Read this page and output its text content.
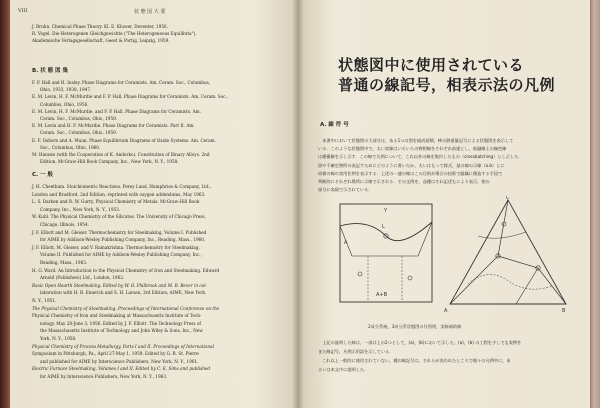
VIII	状 態 図 大 要
J. Bruhn. Chemical Phase Theory. Kl. E. Kluwer, Deventer, 1956.
R. Vogel. Die Heterogenen Gleichgewichte ("The Heterogeneous Equilibria"),
Akademische Verlagsgesellschaft, Geest & Portig, Leipzig, 1959.
B. 状 態 図 集
F. P. Hall and H. Insley. Phase Diagrams for Ceramists. Am. Ceram. Soc., Columbus,
Ohio, 1933, 1938, 1947.
E. M. Levin, H. F. McMurdie and F. P. Hall. Phase Diagrams for Ceramists. Am. Ceram. Soc.,
Columbus, Ohio, 1956.
E. M. Levin, H. F. McMurdie, and F. P. Hall. Phase Diagrams for Ceramists. Am.
Ceram. Soc., Columbus, Ohio, 1959.
E. M. Levin and H. F. McMurdie. Phase Diagrams for Ceramists. Part II. Am.
Ceram. Soc., Columbus, Ohio, 1959.
E. F. Osborn and A. Muan. Phase Equilibrium Diagrams of Oxide Systems. Am. Ceram.
Soc., Columbus, Ohio, 1960.
M. Hansen (with the Cooperation of K. Anderko). Constitution of Binary Alloys. 2nd
Edition, McGraw-Hill Book Company, Inc., New York, N. Y., 1958.
C. 一 般
J. H. Cheetham. Stoichiometric Reactions. Perey Land, Humphries & Company, Ltd.,
London and Bradford. 2nd Edition, reprinted with oxygen addendums, May 1963.
L. S. Darken and R. W. Gurry. Physical Chemistry of Metals. McGraw-Hill Book
Company, Inc., New York, N. Y., 1953.
W. Kuhl. The Physical Chemistry of the Silicates. The University of Chicago Press,
Chicago, Illinois, 1954.
J. F. Elliott and M. Gleiser. Thermochemistry for Steelmaking, Volume I. Published
for AIME by Addison-Wesley Publishing Company, Inc., Reading, Mass., 1960.
J. F. Elliott, M. Gleiser, and V. Ramakrishna. Thermochemistry for Steelmaking,
Volume II. Published for AIME by Addison-Wesley Publishing Company, Inc.,
Reading, Mass., 1963.
H. G. Ward. An Introduction to the Physical Chemistry of Iron and Steelmaking. Edward
Arnold (Publishers) Ltd., London, 1962.
Basic Open Hearth Steelmaking. Edited by W. O. Philbrook and M. B. Bever in col-
laboration with H. B. Emerick and S. H. Larsen, 3rd Edition, AIME, New York,
N. Y., 1951.
The Physical Chemistry of Steelmaking. Proceedings of International Conference on the
Physical Chemistry of Iron and Steelmaking at Massachusetts Institute of Tech-
nology, May 28-June 3, 1956. Edited by J. F. Elliott. The Technology Press of
the Massachusetts Institute of Technology and John Wiley & Sons, Inc., New
York, N. Y., 1958.
Physical Chemistry of Process Metallurgy, Parts I and II. Proceedings of International
Symposium in Pittsburgh, Pa., April 27-May 1, 1959. Edited by G. R. St. Pierre
and published for AIME by Interscience Publishers, New York, N. Y., 1961.
Electric Furnace Steelmaking, Volumes I and II. Edited by C. E. Sims and published
for AIME by Interscience Publishers, New York, N. Y., 1963.
状態図中に使用されている
普通の線記号，相表示法の凡例
A. 線 符 号
　本書中において状態図の大部分は，ある1つの図を組成面積，棒の熱重量記号による状態図を表示して
いる．このような状態図中で，太い実線はいろいろの物相線をそれぞれ前提とし，低融線上の無色線
は緩衝解を示し示す．この線で凡例について，これ以外の線を集約したもの（crossbatching）とし示した．
固や不確定箇所の表記すためにどのように書いたか，太いはもって様式，基の線の示線（a.b）とに
同様の線の実用比例を表示する．上述の一連の線はこの目的が場合の投影で組織に創造する手段で
判断的にそれぞれ場所に示線で示される．その文例を，品種はそれ記述もにより表示，相の
部分に表現で示されている．
Y
A
L
A+B
C
A	B
2成分系統，3成分系状態図の作図例，実線補助線
　上記の説明した線は，一部は上の2つとして，(a)，(b)において示した，(a)，(b) の工程を少しでも実例を
また線記号，凡例示用語を示している．
　これ以上一般的に使用されていない，種の線記号は，それらが表われたところで個々の凡例中に，あ
るいは本文中に説明した．
